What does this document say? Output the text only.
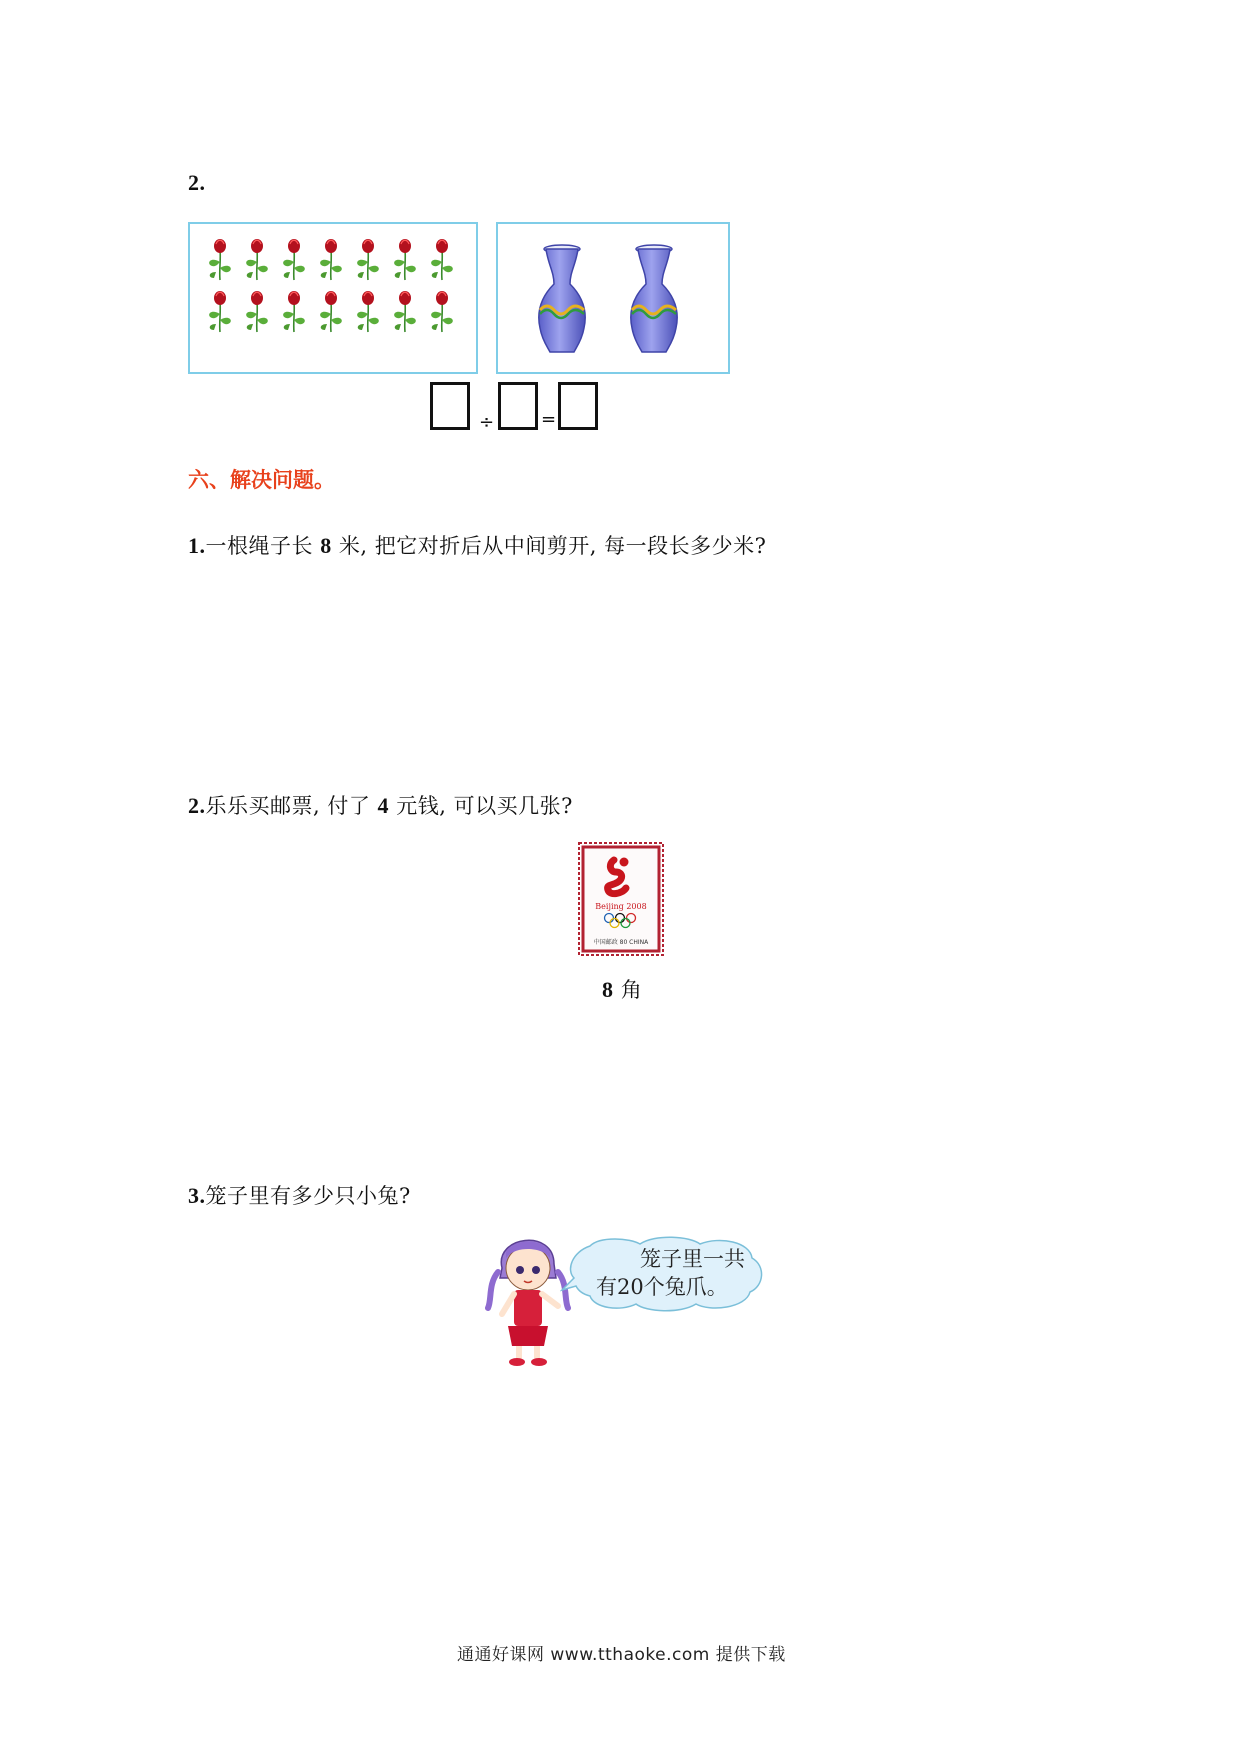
2.
÷	=
六、解决问题。
1.一根绳子长 8 米, 把它对折后从中间剪开, 每一段长多少米?
2.乐乐买邮票, 付了 4 元钱, 可以买几张?
Beijing 2008
中国邮政 80 CHINA
8 角
3.笼子里有多少只小兔?
笼子里一共
有20个兔爪。
通通好课网 www.tthaoke.com 提供下载
